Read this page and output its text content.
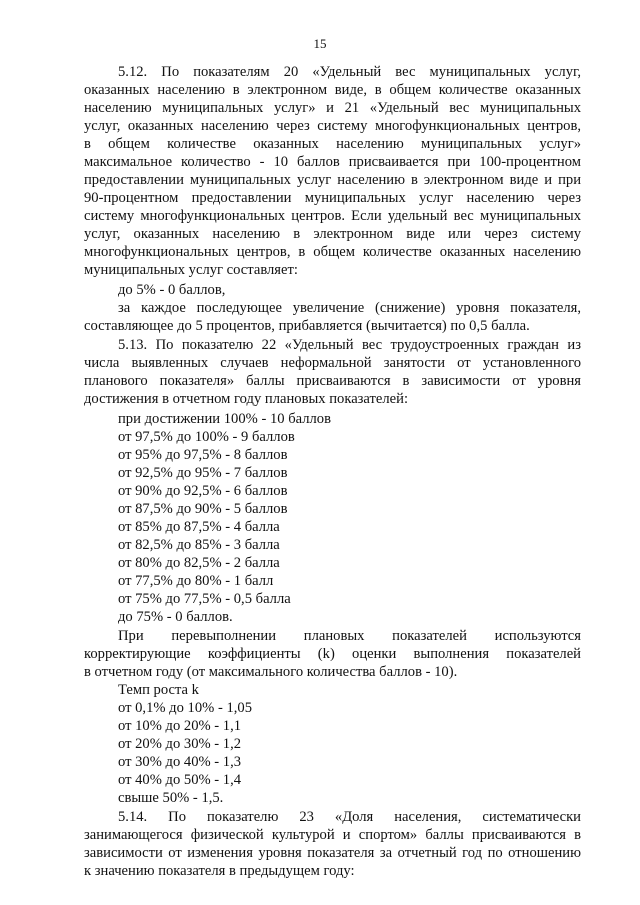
15
5.12. По показателям 20 «Удельный вес муниципальных услуг,
оказанных населению в электронном виде, в общем количестве оказанных
населению муниципальных услуг» и 21 «Удельный вес муниципальных
услуг, оказанных населению через систему многофункциональных центров,
в общем количестве оказанных населению муниципальных услуг»
максимальное количество - 10 баллов присваивается при 100-процентном
предоставлении муниципальных услуг населению в электронном виде и при
90-процентном предоставлении муниципальных услуг населению через
систему многофункциональных центров. Если удельный вес муниципальных
услуг, оказанных населению в электронном виде или через систему
многофункциональных центров, в общем количестве оказанных населению
муниципальных услуг составляет:
до 5% - 0 баллов,
за каждое последующее увеличение (снижение) уровня показателя,
составляющее до 5 процентов, прибавляется (вычитается) по 0,5 балла.
5.13. По показателю 22 «Удельный вес трудоустроенных граждан из
числа выявленных случаев неформальной занятости от установленного
планового показателя» баллы присваиваются в зависимости от уровня
достижения в отчетном году плановых показателей:
при достижении 100% - 10 баллов
от 97,5% до 100% - 9 баллов
от 95% до 97,5% - 8 баллов
от 92,5% до 95% - 7 баллов
от 90% до 92,5% - 6 баллов
от 87,5% до 90% - 5 баллов
от 85% до 87,5% - 4 балла
от 82,5% до 85% - 3 балла
от 80% до 82,5% - 2 балла
от 77,5% до 80% - 1 балл
от 75% до 77,5% - 0,5 балла
до 75% - 0 баллов.
При перевыполнении плановых показателей используются
корректирующие коэффициенты (k) оценки выполнения показателей
в отчетном году (от максимального количества баллов - 10).
Темп роста k
от 0,1% до 10% - 1,05
от 10% до 20% - 1,1
от 20% до 30% - 1,2
от 30% до 40% - 1,3
от 40% до 50% - 1,4
свыше 50% - 1,5.
5.14. По показателю 23 «Доля населения, систематически
занимающегося физической культурой и спортом» баллы присваиваются в
зависимости от изменения уровня показателя за отчетный год по отношению
к значению показателя в предыдущем году:
